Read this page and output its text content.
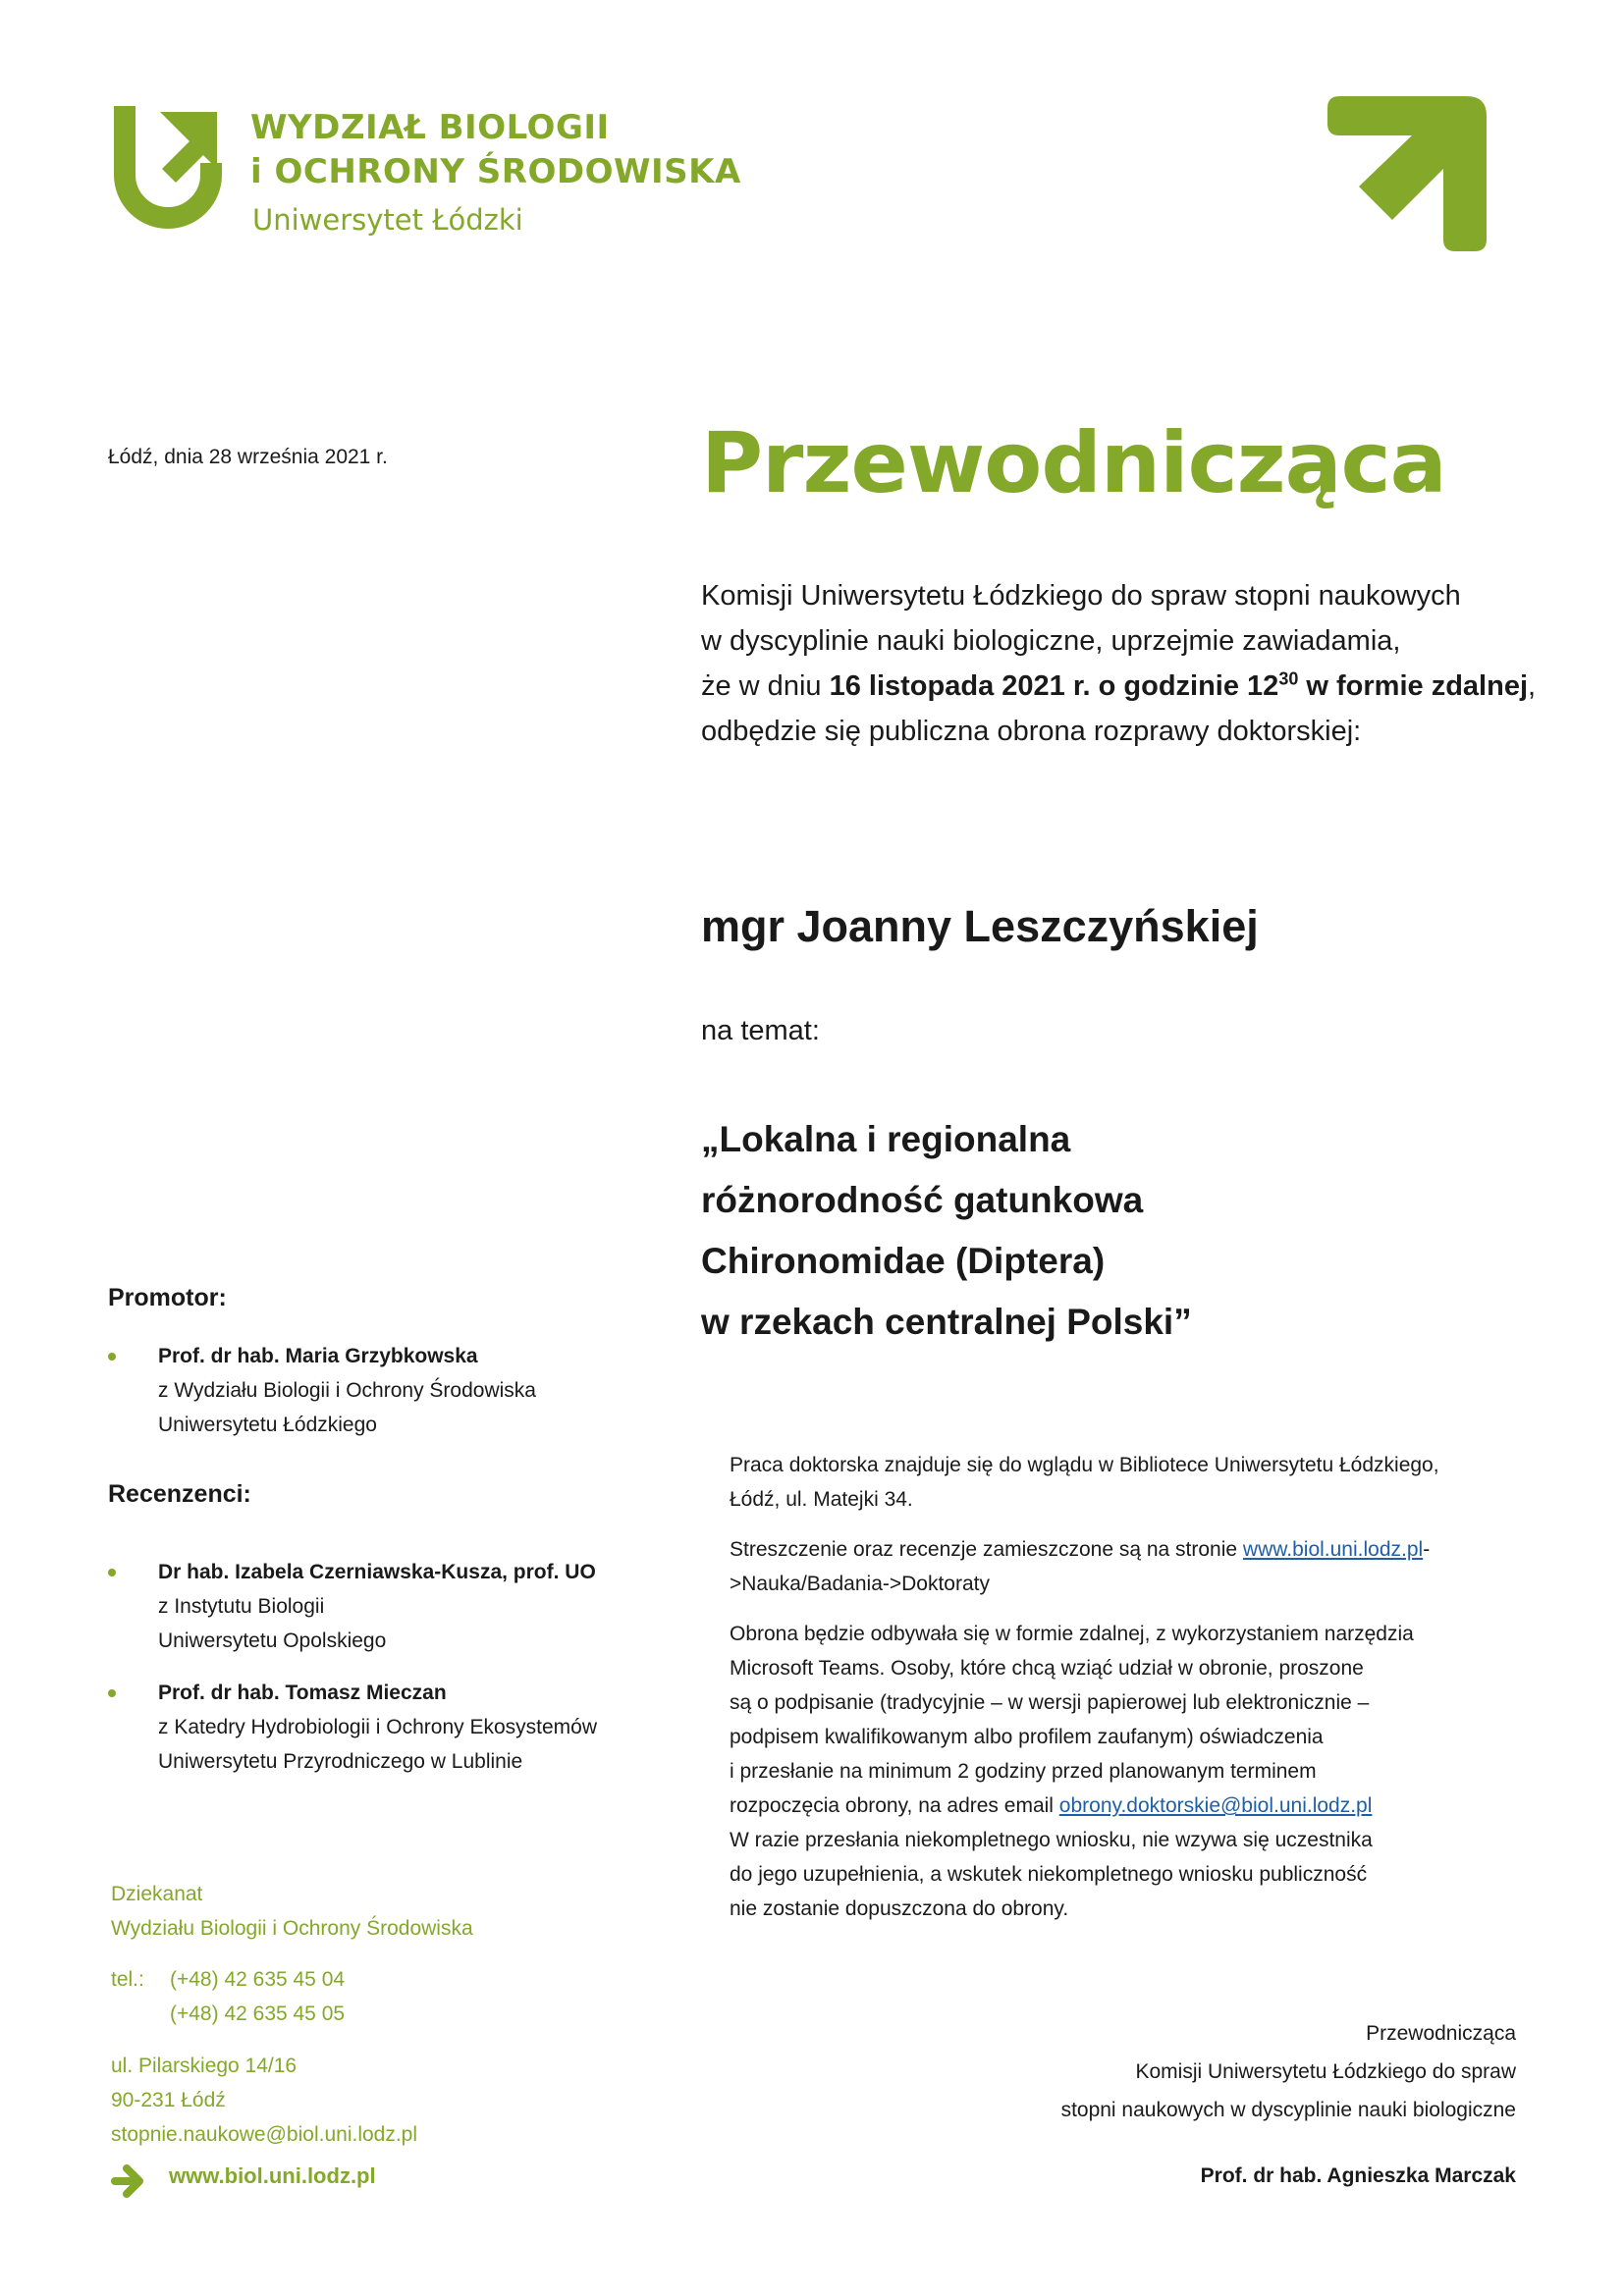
WYDZIAŁ BIOLOGII
i OCHRONY ŚRODOWISKA
Uniwersytet Łódzki
Łódź, dnia 28 września 2021 r.	Przewodnicząca
Komisji Uniwersytetu Łódzkiego do spraw stopni naukowych
w dyscyplinie nauki biologiczne, uprzejmie zawiadamia,
że w dniu 16 listopada 2021 r. o godzinie $12^{30}$ w formie zdalnej,
odbędzie się publiczna obrona rozprawy doktorskiej:
mgr Joanny Leszczyńskiej
na temat:
„Lokalna i regionalna
różnorodność gatunkowa
Chironomidae (Diptera)
w rzekach centralnej Polski”
Promotor:
Prof. dr hab. Maria Grzybkowska
z Wydziału Biologii i Ochrony Środowiska
Uniwersytetu Łódzkiego
Recenzenci:
Dr hab. Izabela Czerniawska-Kusza, prof. UO
z Instytutu Biologii
Uniwersytetu Opolskiego
Prof. dr hab. Tomasz Mieczan
z Katedry Hydrobiologii i Ochrony Ekosystemów
Uniwersytetu Przyrodniczego w Lublinie

Praca doktorska znajduje się do wglądu w Bibliotece Uniwersytetu Łódzkiego,
Łódź, ul. Matejki 34.

Streszczenie oraz recenzje zamieszczone są na stronie www.biol.uni.lodz.pl-
>Nauka/Badania->Doktoraty

Obrona będzie odbywała się w formie zdalnej, z wykorzystaniem narzędzia
Microsoft Teams. Osoby, które chcą wziąć udział w obronie, proszone
są o podpisanie (tradycyjnie – w wersji papierowej lub elektronicznie –
podpisem kwalifikowanym albo profilem zaufanym) oświadczenia
i przesłanie na minimum 2 godziny przed planowanym terminem
rozpoczęcia obrony, na adres email obrony.doktorskie@biol.uni.lodz.pl
W razie przesłania niekompletnego wniosku, nie wzywa się uczestnika
do jego uzupełnienia, a wskutek niekompletnego wniosku publiczność
nie zostanie dopuszczona do obrony.

Dziekanat
Wydziału Biologii i Ochrony Środowiska
tel.: (+48) 42 635 45 04
(+48) 42 635 45 05
ul. Pilarskiego 14/16
90-231 Łódź
stopnie.naukowe@biol.uni.lodz.pl
www.biol.uni.lodz.pl
Przewodnicząca
Komisji Uniwersytetu Łódzkiego do spraw
stopni naukowych w dyscyplinie nauki biologiczne
Prof. dr hab. Agnieszka Marczak
